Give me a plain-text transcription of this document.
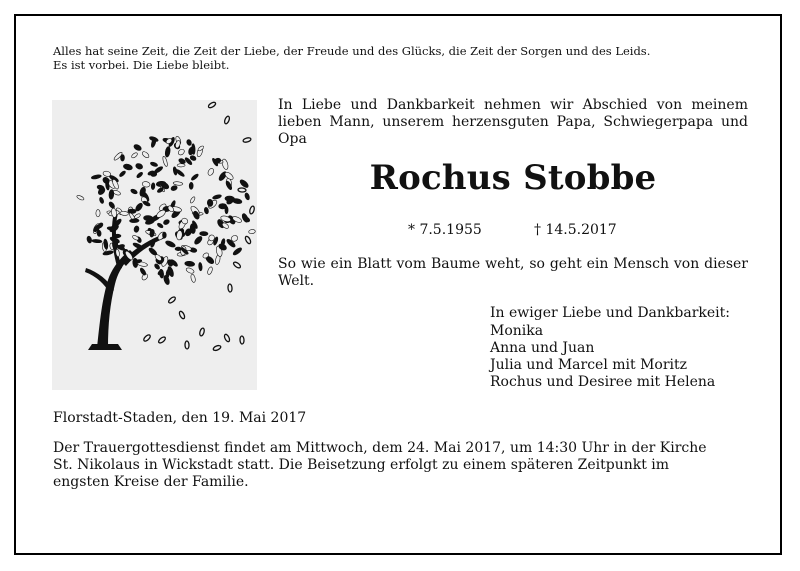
Alles hat seine Zeit, die Zeit der Liebe, der Freude und des Glücks, die Zeit der Sorgen und des Leids.
Es ist vorbei. Die Liebe bleibt.
In Liebe und Dankbarkeit nehmen wir Abschied von meinem lieben Mann, unserem herzensguten Papa, Schwiegerpapa und Opa
Rochus Stobbe
* 7.5.1955	† 14.5.2017
So wie ein Blatt vom Baume weht, so geht ein Mensch von dieser Welt.
In ewiger Liebe und Dankbarkeit:
Monika
Anna und Juan
Julia und Marcel mit Moritz
Rochus und Desiree mit Helena
Florstadt-Staden, den 19. Mai 2017
Der Trauergottesdienst findet am Mittwoch, dem 24. Mai 2017, um 14:30 Uhr in der Kirche
St. Nikolaus in Wickstadt statt. Die Beisetzung erfolgt zu einem späteren Zeitpunkt im
engsten Kreise der Familie.
